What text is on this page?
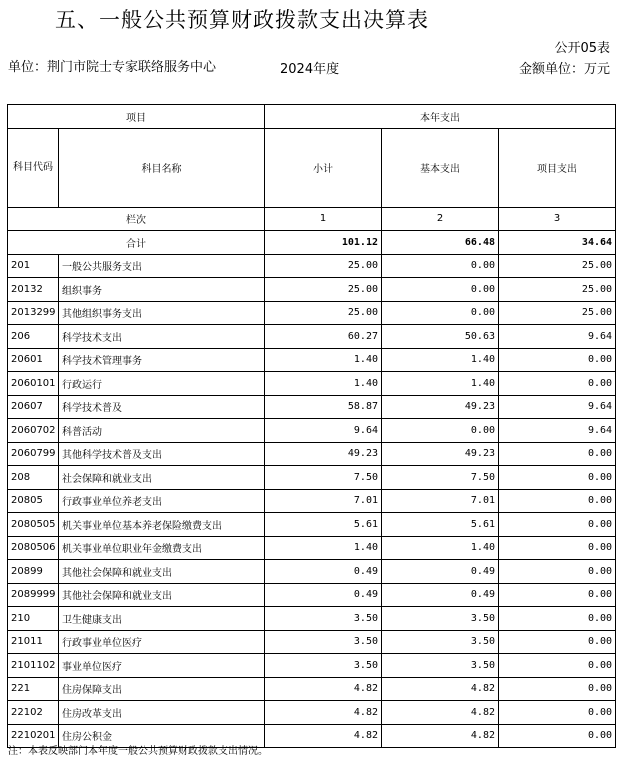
五、一般公共预算财政拨款支出决算表
公开05表
单位：荆门市院士专家联络服务中心	2024年度	金额单位：万元
项目		本年支出		
科目代码	科目名称	小计	基本支出	项目支出
栏次		1	2	3
合计		101.12	66.48	34.64
201	一般公共服务支出	25.00	0.00	25.00
20132	组织事务	25.00	0.00	25.00
2013299	其他组织事务支出	25.00	0.00	25.00
206	科学技术支出	60.27	50.63	9.64
20601	科学技术管理事务	1.40	1.40	0.00
2060101	行政运行	1.40	1.40	0.00
20607	科学技术普及	58.87	49.23	9.64
2060702	科普活动	9.64	0.00	9.64
2060799	其他科学技术普及支出	49.23	49.23	0.00
208	社会保障和就业支出	7.50	7.50	0.00
20805	行政事业单位养老支出	7.01	7.01	0.00
2080505	机关事业单位基本养老保险缴费支出	5.61	5.61	0.00
2080506	机关事业单位职业年金缴费支出	1.40	1.40	0.00
20899	其他社会保障和就业支出	0.49	0.49	0.00
2089999	其他社会保障和就业支出	0.49	0.49	0.00
210	卫生健康支出	3.50	3.50	0.00
21011	行政事业单位医疗	3.50	3.50	0.00
2101102	事业单位医疗	3.50	3.50	0.00
221	住房保障支出	4.82	4.82	0.00
22102	住房改革支出	4.82	4.82	0.00
2210201	住房公积金	4.82	4.82	0.00
注：本表反映部门本年度一般公共预算财政拨款支出情况。
